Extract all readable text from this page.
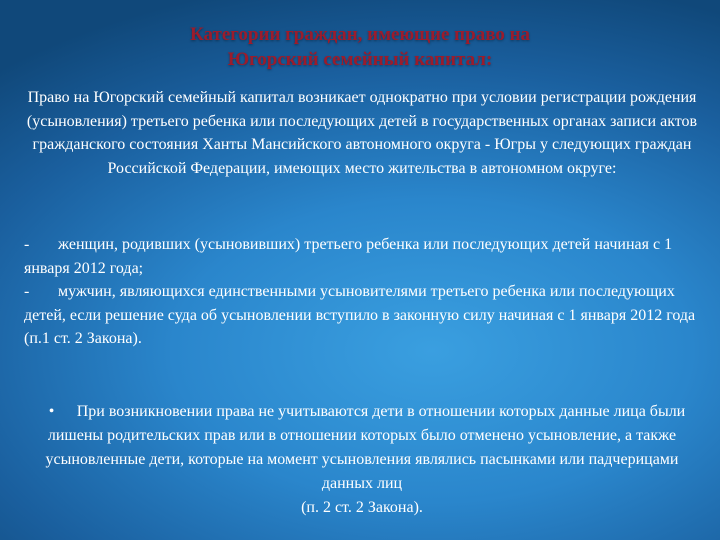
Категории граждан, имеющие право на
Югорский семейный капитал:
Право на Югорский семейный капитал возникает однократно при условии регистрации рождения (усыновления) третьего ребенка или последующих детей в государственных органах записи актов гражданского состояния Ханты Мансийского автономного округа - Югры у следующих граждан Российской Федерации, имеющих место жительства в автономном округе:

- женщин, родивших (усыновивших) третьего ребенка или последующих детей начиная с 1 января 2012 года;

- мужчин, являющихся единственными усыновителями третьего ребенка или последующих детей, если решение суда об усыновлении вступило в законную силу начиная с 1 января 2012 года (п.1 ст. 2 Закона).

• При возникновении права не учитываются дети в отношении которых данные лица были лишены родительских прав или в отношении которых было отменено усыновление, а также усыновленные дети, которые на момент усыновления являлись пасынками или падчерицами данных лиц
(п. 2 ст. 2 Закона).
